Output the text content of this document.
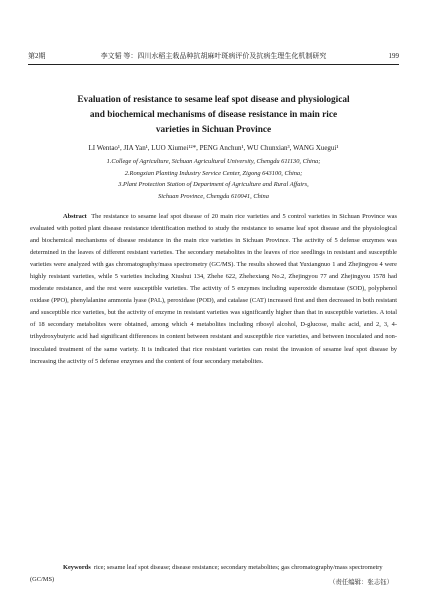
第2期	李文韬 等：四川水稻主栽品种抗胡麻叶斑病评价及抗病生理生化机制研究	199
Evaluation of resistance to sesame leaf spot disease and physiological
and biochemical mechanisms of disease resistance in main rice
varieties in Sichuan Province
LI Wentao¹, JIA Yan¹, LUO Xiumei¹²*, PENG Anchun¹, WU Chunxian³, WANG Xuegui¹
1.College of Agriculture, Sichuan Agricultural University, Chengdu 611130, China;
2.Rongxian Planting Industry Service Center, Zigong 643100, China;
3.Plant Protection Station of Department of Agriculture and Rural Affairs,
Sichuan Province, Chengdu 610041, China
Abstract The resistance to sesame leaf spot disease of 20 main rice varieties and 5 control varieties in Sichuan Province was evaluated with potted plant disease resistance identification method to study the resistance to sesame leaf spot disease and the physiological and biochemical mechanisms of disease resistance in the main rice varieties in Sichuan Province. The activity of 5 defense enzymes was determined in the leaves of different resistant varieties. The secondary metabolites in the leaves of rice seedlings in resistant and susceptible varieties were analyzed with gas chromatography/mass spectrometry (GC/MS). The results showed that Yuxiangnuo 1 and Zhejingyou 4 were highly resistant varieties, while 5 varieties including Xiushui 134, Zhehe 622, Zhehexiang No.2, Zhejingyou 77 and Zhejingyou 1578 had moderate resistance, and the rest were susceptible varieties. The activity of 5 enzymes including superoxide dismutase (SOD), polyphenol oxidase (PPO), phenylalanine ammonia lyase (PAL), peroxidase (POD), and catalase (CAT) increased first and then decreased in both resistant and susceptible rice varieties, but the activity of enzyme in resistant varieties was significantly higher than that in susceptible varieties. A total of 18 secondary metabolites were obtained, among which 4 metabolites including ribosyl alcohol, D-glucose, malic acid, and 2, 3, 4-trihydroxybutyric acid had significant differences in content between resistant and susceptible rice varieties, and between inoculated and non-inoculated treatment of the same variety. It is indicated that rice resistant varieties can resist the invasion of sesame leaf spot disease by increasing the activity of 5 defense enzymes and the content of four secondary metabolites.
Keywords rice; sesame leaf spot disease; disease resistance; secondary metabolites; gas chromatography/mass spectrometry (GC/MS)	（责任编辑：张志钰）
